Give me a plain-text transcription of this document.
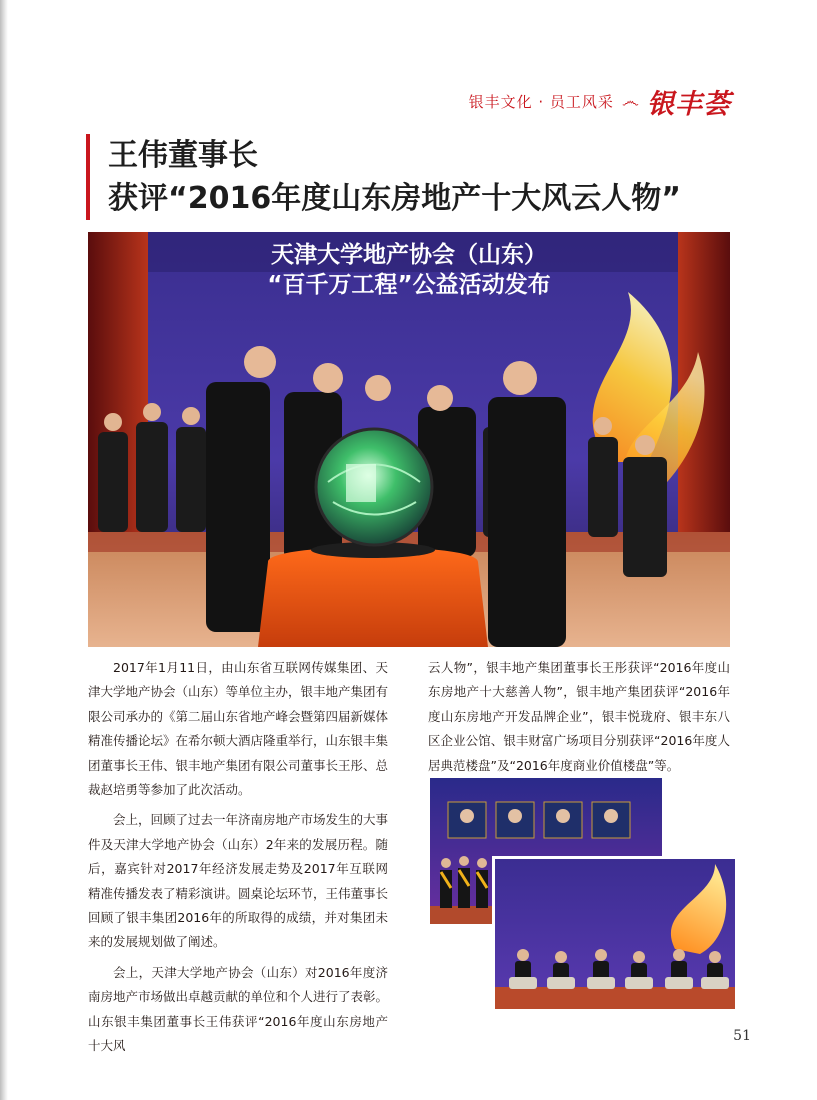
银丰文化 · 员工风采 ෴ 银丰荟
王伟董事长
获评“2016年度山东房地产十大风云人物”
天津大学地产协会（山东）
“百千万工程”公益活动发布

2017年1月11日，由山东省互联网传媒集团、天津大学地产协会（山东）等单位主办，银丰地产集团有限公司承办的《第二届山东省地产峰会暨第四届新媒体精准传播论坛》在希尔顿大酒店隆重举行，山东银丰集团董事长王伟、银丰地产集团有限公司董事长王彤、总裁赵培勇等参加了此次活动。

会上，回顾了过去一年济南房地产市场发生的大事件及天津大学地产协会（山东）2年来的发展历程。随后，嘉宾针对2017年经济发展走势及2017年互联网精准传播发表了精彩演讲。圆桌论坛环节，王伟董事长回顾了银丰集团2016年的所取得的成绩，并对集团未来的发展规划做了阐述。

会上，天津大学地产协会（山东）对2016年度济南房地产市场做出卓越贡献的单位和个人进行了表彰。山东银丰集团董事长王伟获评“2016年度山东房地产十大风

云人物”，银丰地产集团董事长王彤获评“2016年度山东房地产十大慈善人物”，银丰地产集团获评“2016年度山东房地产开发品牌企业”，银丰悦珑府、银丰东八区企业公馆、银丰财富广场项目分别获评“2016年度人居典范楼盘”及“2016年度商业价值楼盘”等。

51
